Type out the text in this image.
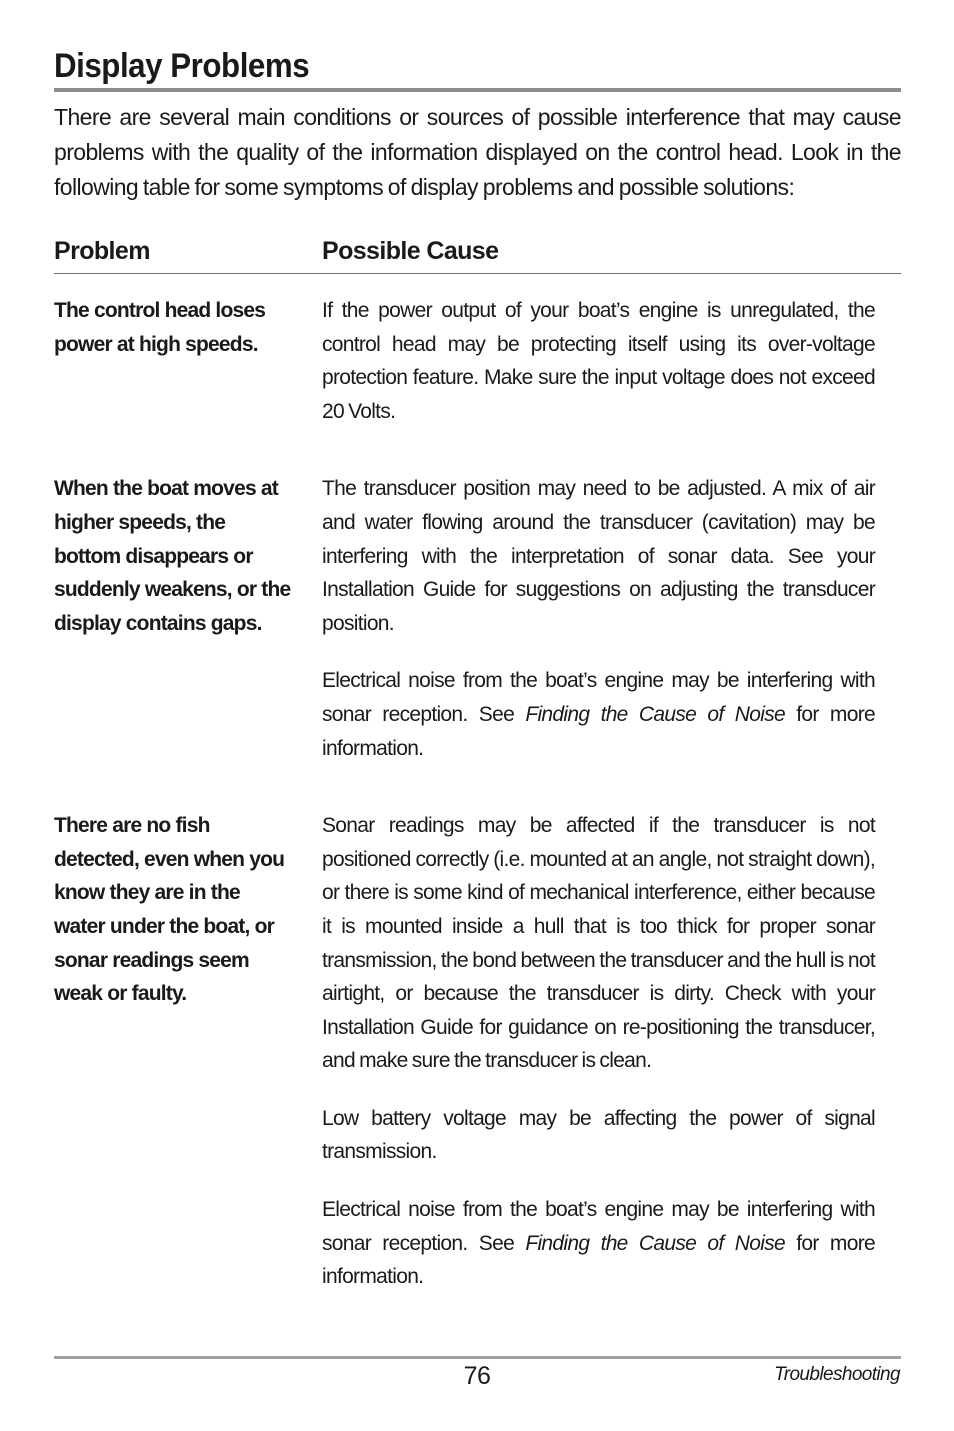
Display Problems

There are several main conditions or sources of possible interference that may cause problems with the quality of the information displayed on the control head. Look in the following table for some symptoms of display problems and possible solutions:

Problem	Possible Cause
The control head loses power at high speeds.

If the power output of your boat’s engine is unregulated, the control head may be protecting itself using its over-voltage protection feature. Make sure the input voltage does not exceed 20 Volts.

When the boat moves at higher speeds, the bottom disappears or suddenly weakens, or the display contains gaps.

The transducer position may need to be adjusted. A mix of air and water flowing around the transducer (cavitation) may be interfering with the interpretation of sonar data. See your Installation Guide for suggestions on adjusting the transducer position.

Electrical noise from the boat’s engine may be interfering with sonar reception. See Finding the Cause of Noise for more information.

There are no fish detected, even when you know they are in the water under the boat, or sonar readings seem weak or faulty.

Sonar readings may be affected if the transducer is not positioned correctly (i.e. mounted at an angle, not straight down), or there is some kind of mechanical interference, either because it is mounted inside a hull that is too thick for proper sonar transmission, the bond between the transducer and the hull is not airtight, or because the transducer is dirty. Check with your Installation Guide for guidance on re-positioning the transducer, and make sure the transducer is clean.

Low battery voltage may be affecting the power of signal transmission.

Electrical noise from the boat’s engine may be interfering with sonar reception. See Finding the Cause of Noise for more information.

76	Troubleshooting
